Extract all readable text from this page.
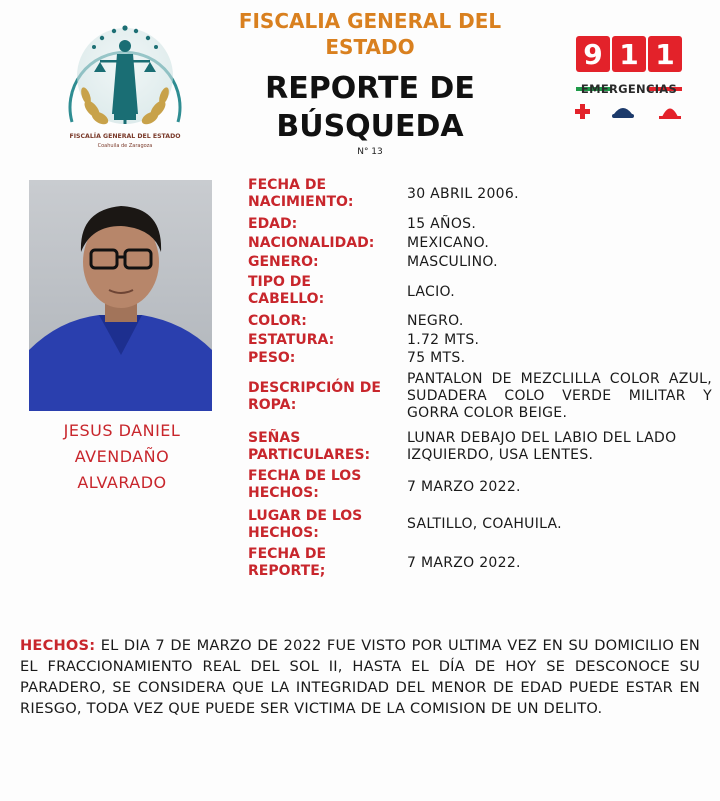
FISCALÍA GENERAL DEL ESTADO
Coahuila de Zaragoza
FISCALIA GENERAL DEL
ESTADO
REPORTE DE
BÚSQUEDA
N° 13
9 1 1
EMERGENCIAS
JESUS DANIEL
AVENDAÑO
ALVARADO
FECHA DE NACIMIENTO:	30 ABRIL 2006.
EDAD:	15 AÑOS.
NACIONALIDAD:	MEXICANO.
GENERO:	MASCULINO.
TIPO DE CABELLO:	LACIO.
COLOR:	NEGRO.
ESTATURA:	1.72 MTS.
PESO:	75 MTS.
DESCRIPCIÓN DE ROPA:
PANTALON DE MEZCLILLA COLOR AZUL, SUDADERA COLO VERDE MILITAR Y GORRA COLOR BEIGE.
SEÑAS PARTICULARES:
LUNAR DEBAJO DEL LABIO DEL LADO IZQUIERDO, USA LENTES.
FECHA DE LOS HECHOS:	7 MARZO 2022.
LUGAR DE LOS HECHOS:
SALTILLO, COAHUILA.
FECHA DE REPORTE;	7 MARZO 2022.
HECHOS: EL DIA 7 DE MARZO DE 2022 FUE VISTO POR ULTIMA VEZ EN SU DOMICILIO EN EL FRACCIONAMIENTO REAL DEL SOL II, HASTA EL DÍA DE HOY SE DESCONOCE SU PARADERO, SE CONSIDERA QUE LA INTEGRIDAD DEL MENOR DE EDAD PUEDE ESTAR EN RIESGO, TODA VEZ QUE PUEDE SER VICTIMA DE LA COMISION DE UN DELITO.
